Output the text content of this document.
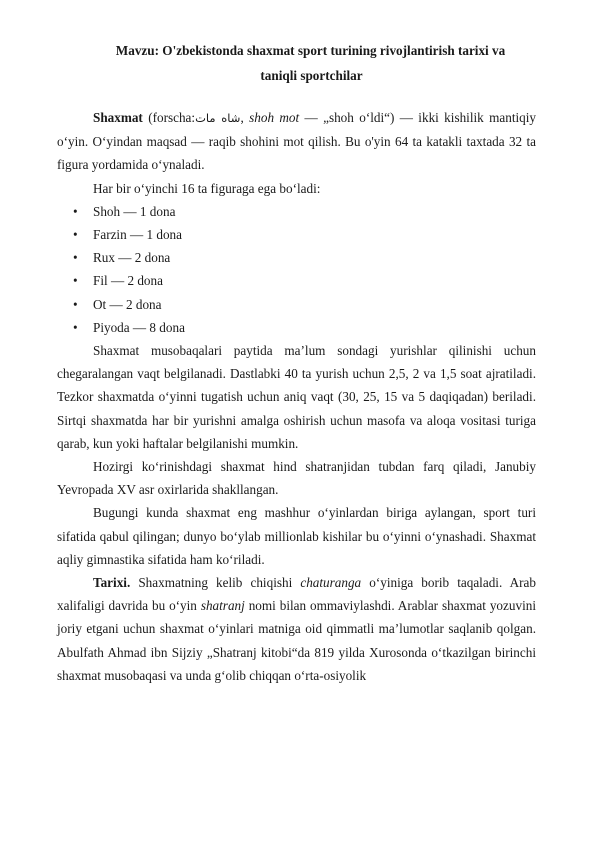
Mavzu: O'zbekistonda shaxmat sport turining rivojlantirish tarixi va
taniqli sportchilar

Shaxmat (forscha:شاه مات, shoh mot — „shoh oʻldi“) — ikki kishilik mantiqiy oʻyin. Oʻyindan maqsad — raqib shohini mot qilish. Bu o'yin 64 ta katakli taxtada 32 ta figura yordamida oʻynaladi.

Har bir oʻyinchi 16 ta figuraga ega boʻladi:

• Shoh — 1 dona
• Farzin — 1 dona
• Rux — 2 dona
• Fil — 2 dona
• Ot — 2 dona
• Piyoda — 8 dona

Shaxmat musobaqalari paytida maʼlum sondagi yurishlar qilinishi uchun chegaralangan vaqt belgilanadi. Dastlabki 40 ta yurish uchun 2,5, 2 va 1,5 soat ajratiladi. Tezkor shaxmatda oʻyinni tugatish uchun aniq vaqt (30, 25, 15 va 5 daqiqadan) beriladi. Sirtqi shaxmatda har bir yurishni amalga oshirish uchun masofa va aloqa vositasi turiga qarab, kun yoki haftalar belgilanishi mumkin.

Hozirgi koʻrinishdagi shaxmat hind shatranjidan tubdan farq qiladi, Janubiy Yevropada XV asr oxirlarida shakllangan.

Bugungi kunda shaxmat eng mashhur oʻyinlardan biriga aylangan, sport turi sifatida qabul qilingan; dunyo boʻylab millionlab kishilar bu oʻyinni oʻynashadi. Shaxmat aqliy gimnastika sifatida ham koʻriladi.

Tarixi. Shaxmatning kelib chiqishi chaturanga oʻyiniga borib taqaladi. Arab xalifaligi davrida bu oʻyin shatranj nomi bilan ommaviylashdi. Arablar shaxmat yozuvini joriy etgani uchun shaxmat oʻyinlari matniga oid qimmatli maʼlumotlar saqlanib qolgan. Abulfath Ahmad ibn Sijziy „Shatranj kitobi“da 819 yilda Xurosonda oʻtkazilgan birinchi shaxmat musobaqasi va unda gʻolib chiqqan oʻrta-osiyolik
